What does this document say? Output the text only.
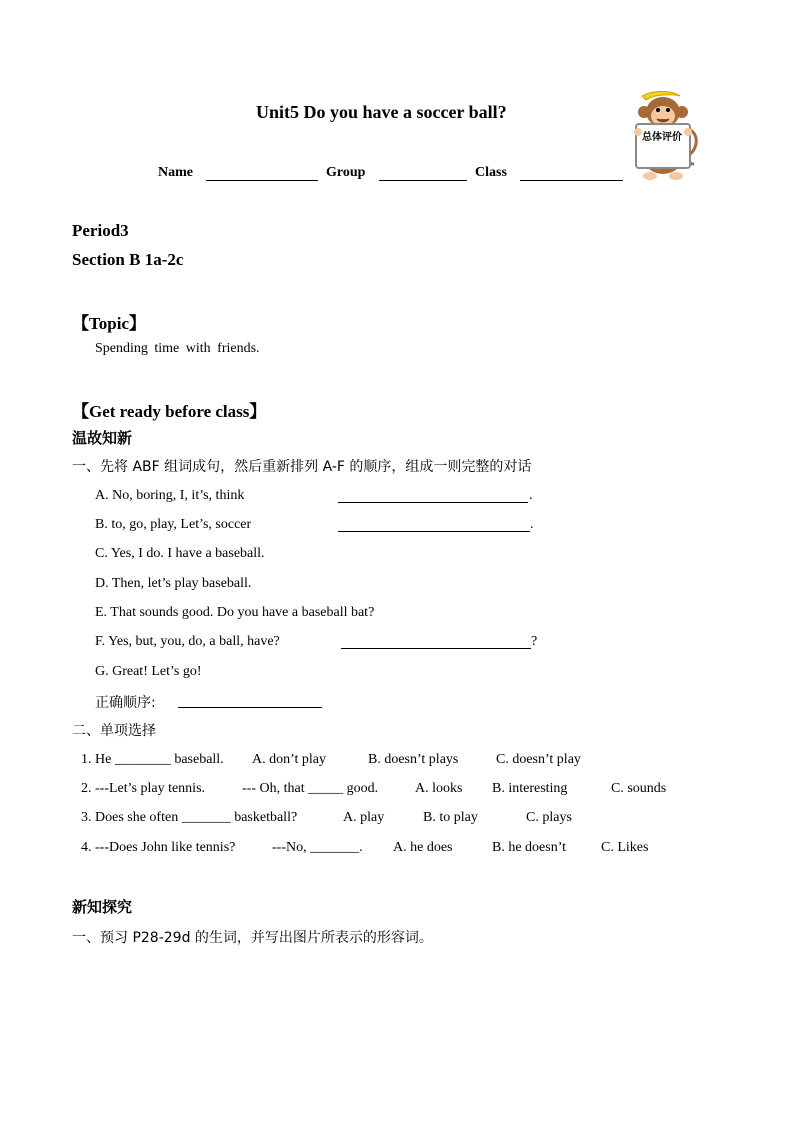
Unit5 Do you have a soccer ball?
Name	Group	Class
总体评价
Period3
Section B 1a-2c
【Topic】
Spending time with friends.
【Get ready before class】
温故知新
一、先将 ABF 组词成句，然后重新排列 A-F 的顺序，组成一则完整的对话
A. No, boring, I, it’s, think	.
B. to, go, play, Let’s, soccer	.
C. Yes, I do. I have a baseball.
D. Then, let’s play baseball.
E. That sounds good. Do you have a baseball bat?
F. Yes, but, you, do, a ball, have?	?
G. Great! Let’s go!
正确顺序:
二、单项选择
1. He ________ baseball. A. don’t play	B. doesn’t plays	C. doesn’t play
2. ---Let’s play tennis.	--- Oh, that _____ good.	A. looks B. interesting	C. sounds
3. Does she often _______ basketball?	A. play	B. to play	C. plays
4. ---Does John like tennis?	---No, _______. A. he does	B. he doesn’t C. Likes
新知探究
一、预习 P28-29d 的生词，并写出图片所表示的形容词。
